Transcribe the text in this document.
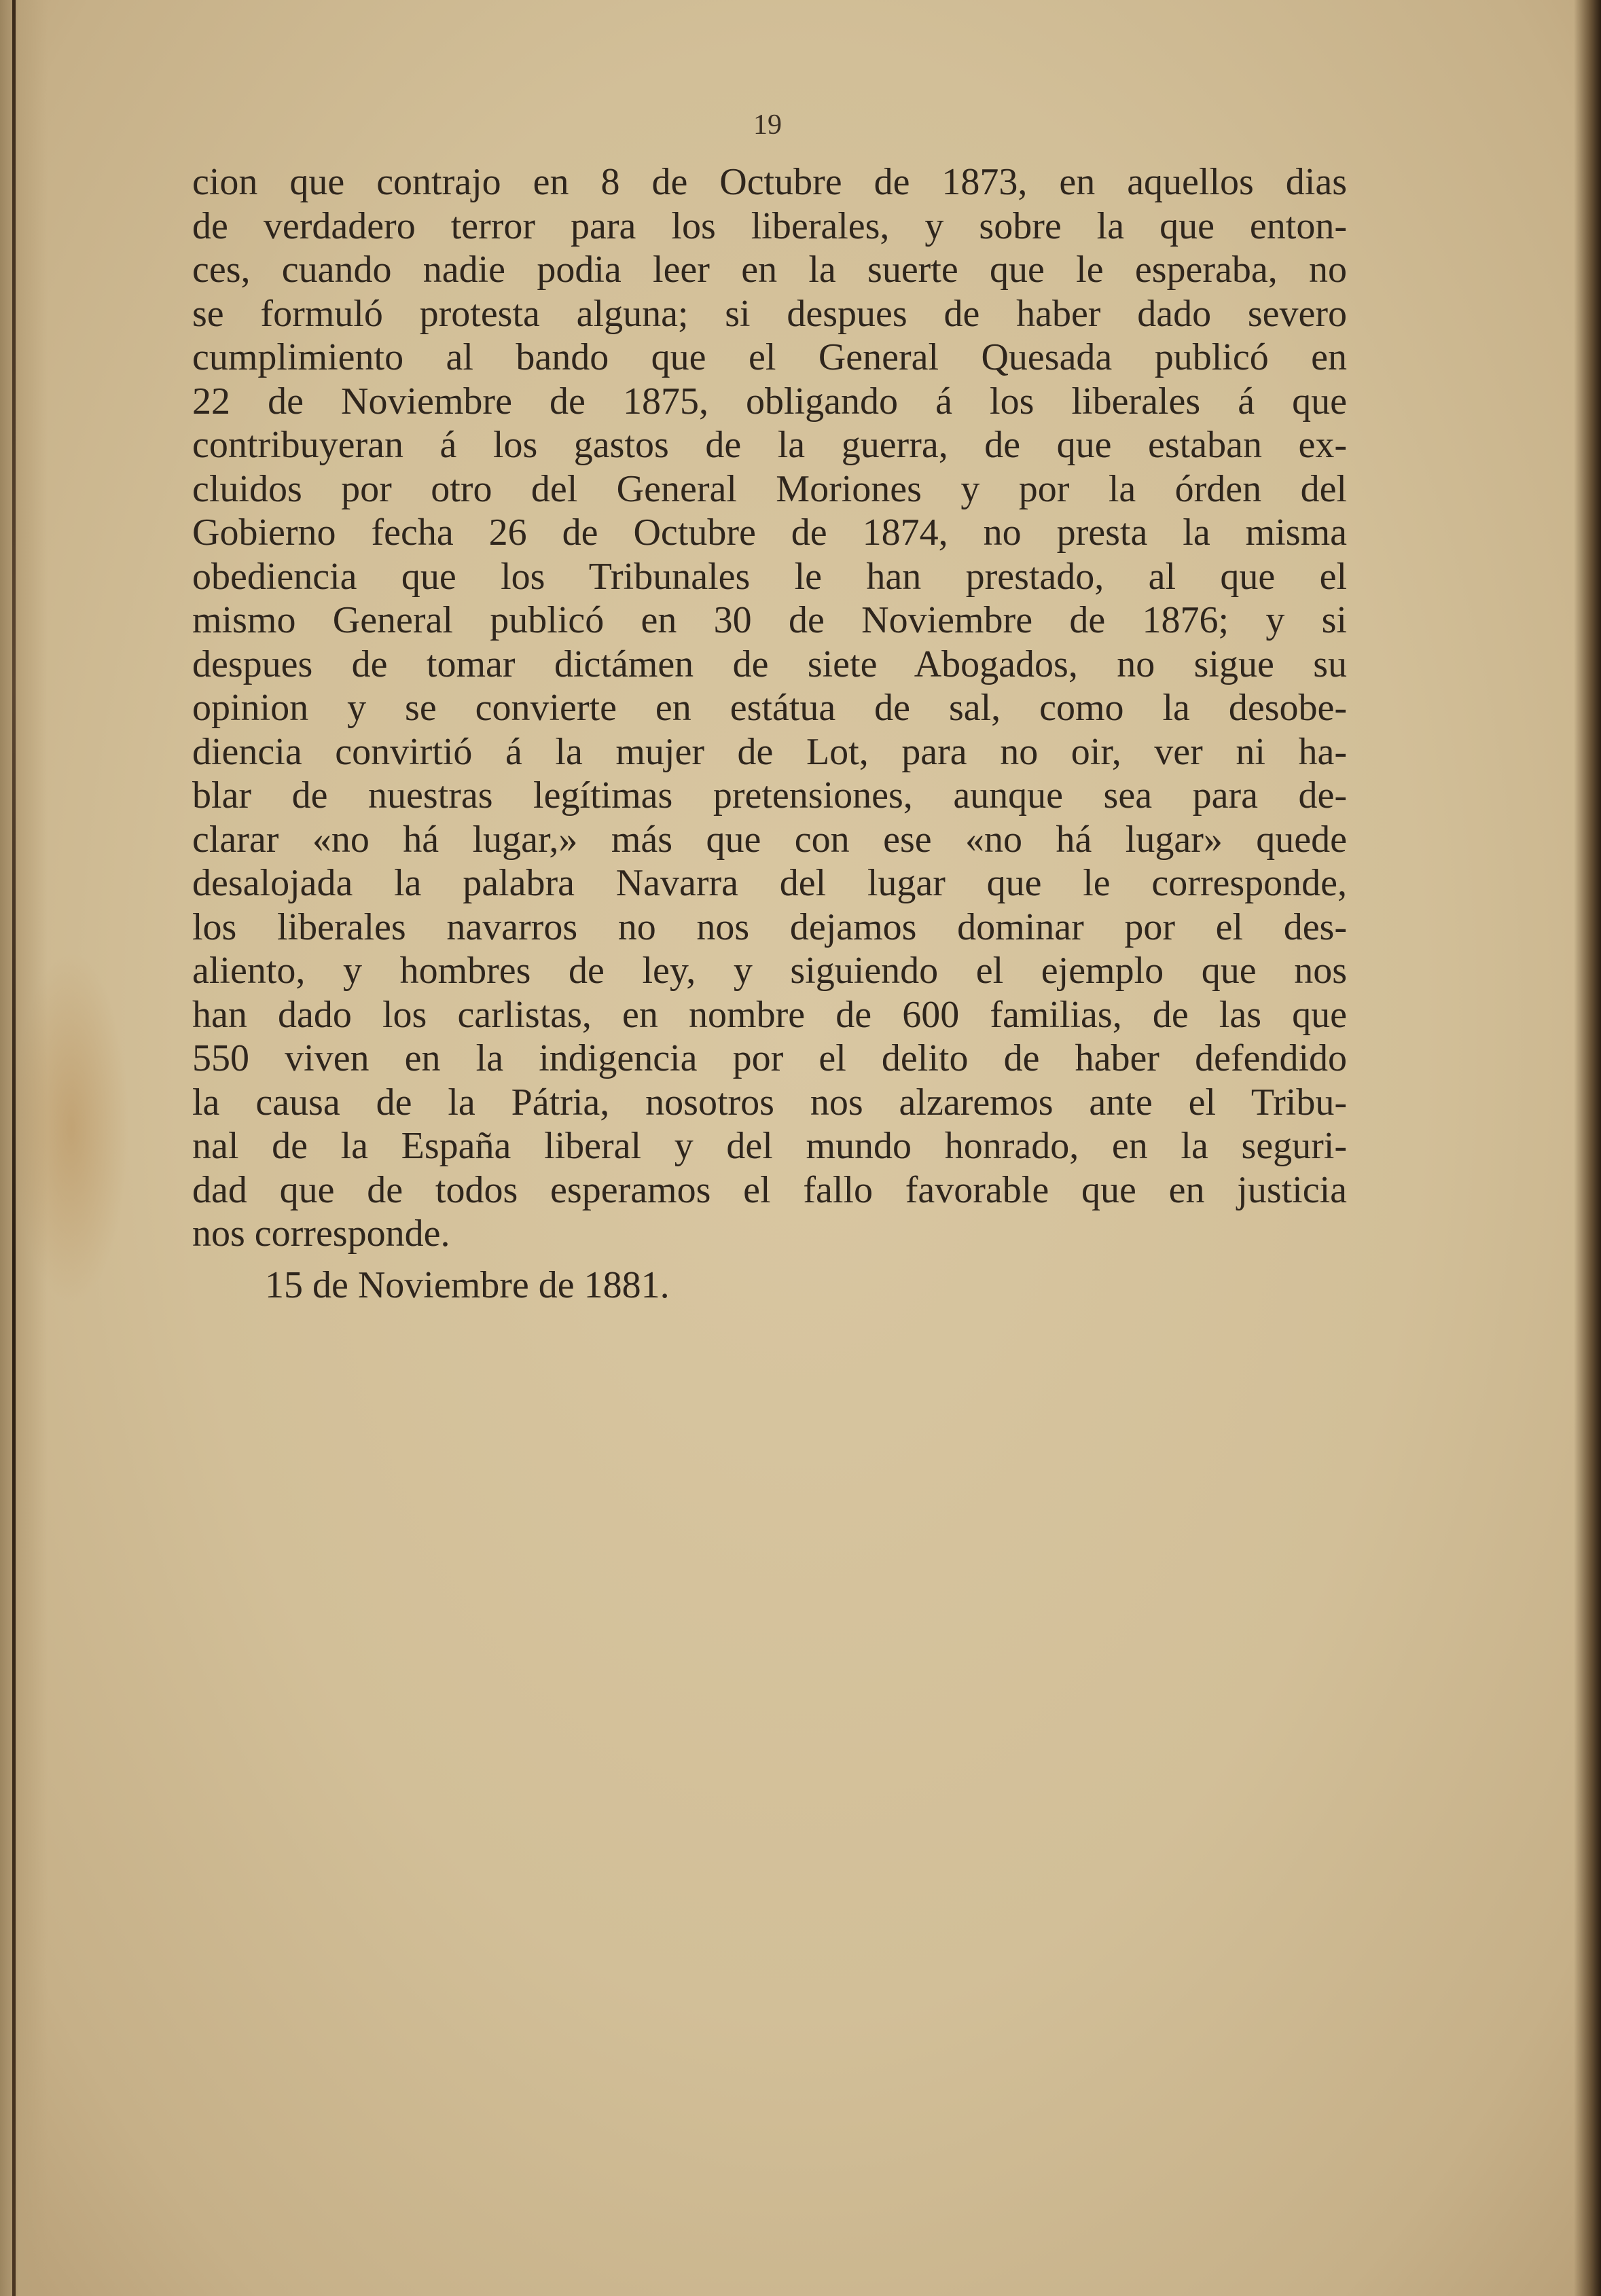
19
cion que contrajo en 8 de Octubre de 1873, en aquellos dias
de verdadero terror para los liberales, y sobre la que enton-
ces, cuando nadie podia leer en la suerte que le esperaba, no
se formuló protesta alguna; si despues de haber dado severo
cumplimiento al bando que el General Quesada publicó en
22 de Noviembre de 1875, obligando á los liberales á que
contribuyeran á los gastos de la guerra, de que estaban ex-
cluidos por otro del General Moriones y por la órden del
Gobierno fecha 26 de Octubre de 1874, no presta la misma
obediencia que los Tribunales le han prestado, al que el
mismo General publicó en 30 de Noviembre de 1876; y si
despues de tomar dictámen de siete Abogados, no sigue su
opinion y se convierte en estátua de sal, como la desobe-
diencia convirtió á la mujer de Lot, para no oir, ver ni ha-
blar de nuestras legítimas pretensiones, aunque sea para de-
clarar «no há lugar,» más que con ese «no há lugar» quede
desalojada la palabra Navarra del lugar que le corresponde,
los liberales navarros no nos dejamos dominar por el des-
aliento, y hombres de ley, y siguiendo el ejemplo que nos
han dado los carlistas, en nombre de 600 familias, de las que
550 viven en la indigencia por el delito de haber defendido
la causa de la Pátria, nosotros nos alzaremos ante el Tribu-
nal de la España liberal y del mundo honrado, en la seguri-
dad que de todos esperamos el fallo favorable que en justicia
nos corresponde.
15 de Noviembre de 1881.
